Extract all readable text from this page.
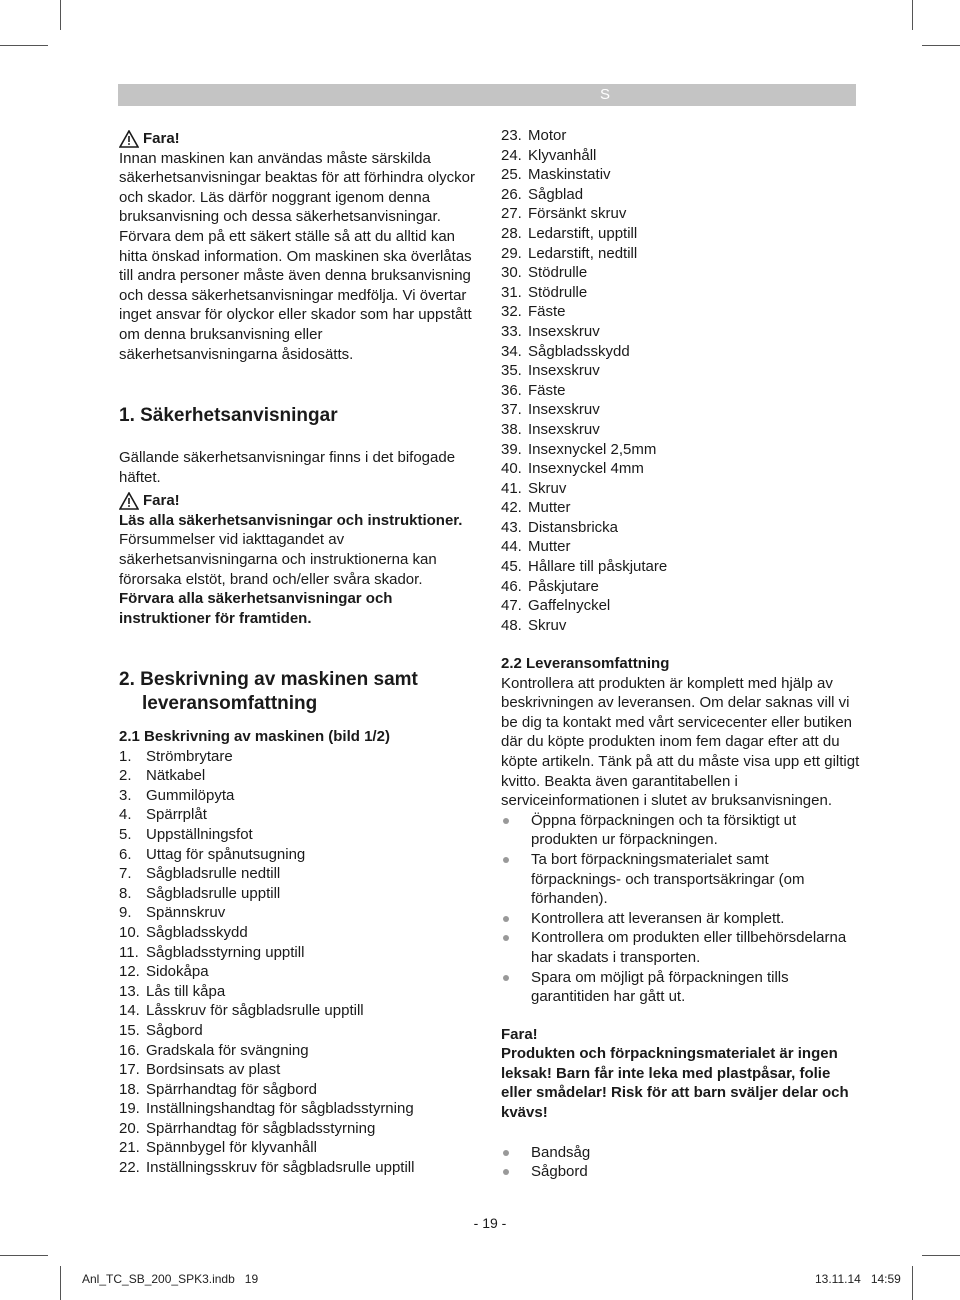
S
Fara!

Innan maskinen kan användas måste särskilda säkerhetsanvisningar beaktas för att förhindra olyckor och skador. Läs därför noggrant igenom denna bruksanvisning och dessa säkerhetsanvisningar. Förvara dem på ett säkert ställe så att du alltid kan hitta önskad information. Om maskinen ska överlåtas till andra personer måste även denna bruksanvisning och dessa säkerhetsanvisningar medfölja. Vi övertar inget ansvar för olyckor eller skador som har uppstått om denna bruksanvisning eller säkerhetsanvisningarna åsidosätts.

1. Säkerhetsanvisningar

Gällande säkerhetsanvisningar finns i det bifogade häftet.

Fara!

Läs alla säkerhetsanvisningar och instruktioner. Försummelser vid iakttagandet av säkerhetsanvisningarna och instruktionerna kan förorsaka elstöt, brand och/eller svåra skador. Förvara alla säkerhetsanvisningar och instruktioner för framtiden.

2. Beskrivning av maskinen samt

leveransomfattning

2.1 Beskrivning av maskinen (bild 1/2)

1. Strömbrytare
2. Nätkabel
3. Gummilöpyta
4. Spärrplåt
5. Uppställningsfot
6. Uttag för spånutsugning
7. Sågbladsrulle nedtill
8. Sågbladsrulle upptill
9. Spännskruv
10. Sågbladsskydd
11. Sågbladsstyrning upptill
12. Sidokåpa
13. Lås till kåpa
14. Låsskruv för sågbladsrulle upptill
15. Sågbord
16. Gradskala för svängning
17. Bordsinsats av plast
18. Spärrhandtag för sågbord
19. Inställningshandtag för sågbladsstyrning
20. Spärrhandtag för sågbladsstyrning
21. Spännbygel för klyvanhåll
22. Inställningsskruv för sågbladsrulle upptill
23. Motor
24. Klyvanhåll
25. Maskinstativ
26. Sågblad
27. Försänkt skruv
28. Ledarstift, upptill
29. Ledarstift, nedtill
30. Stödrulle
31. Stödrulle
32. Fäste
33. Insexskruv
34. Sågbladsskydd
35. Insexskruv
36. Fäste
37. Insexskruv
38. Insexskruv
39. Insexnyckel 2,5mm
40. Insexnyckel 4mm
41. Skruv
42. Mutter
43. Distansbricka
44. Mutter
45. Hållare till påskjutare
46. Påskjutare
47. Gaffelnyckel
48. Skruv

2.2 Leveransomfattning

Kontrollera att produkten är komplett med hjälp av beskrivningen av leveransen. Om delar saknas vill vi be dig ta kontakt med vårt servicecenter eller butiken där du köpte produkten inom fem dagar efter att du köpte artikeln. Tänk på att du måste visa upp ett giltigt kvitto. Beakta även garantitabellen i serviceinformationen i slutet av bruksanvisningen.

Öppna förpackningen och ta försiktigt ut produkten ur förpackningen.
Ta bort förpackningsmaterialet samt förpacknings- och transportsäkringar (om förhanden).
Kontrollera att leveransen är komplett.
Kontrollera om produkten eller tillbehörsdelarna har skadats i transporten.
Spara om möjligt på förpackningen tills garantitiden har gått ut.

Fara!

Produkten och förpackningsmaterialet är ingen leksak! Barn får inte leka med plastpåsar, folie eller smådelar! Risk för att barn sväljer delar och kvävs!

Bandsåg
Sågbord
- 19 -
Anl_TC_SB_200_SPK3.indb   19	13.11.14   14:59
